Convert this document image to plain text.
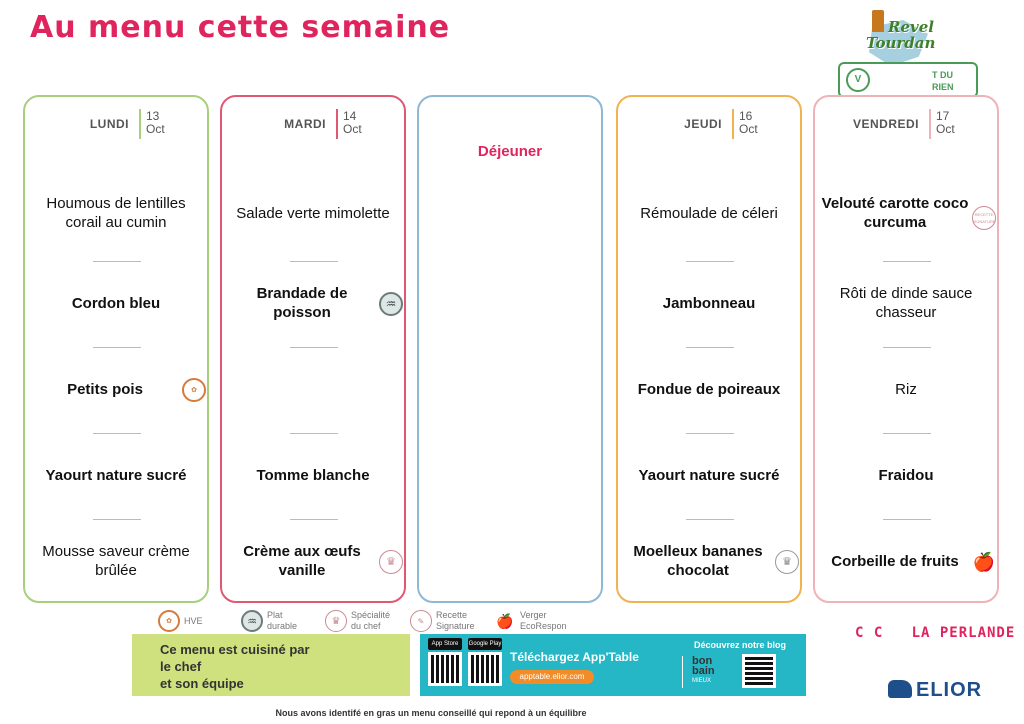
Au menu cette semaine	Revel
Tourdan
V	T DU
RIEN
LUNDI
13
Oct
Houmous de lentilles corail au cumin
Cordon bleu
Petits pois	✿
Yaourt nature sucré
Mousse saveur crème brûlée
MARDI
14
Oct
Salade verte mimolette
Brandade de poisson
♒
Tomme blanche
Crème aux œufs vanille
♛
Déjeuner
JEUDI
16
Oct
Rémoulade de céleri
Jambonneau
Fondue de poireaux
Yaourt nature sucré
Moelleux bananes chocolat
♛
VENDREDI
17
Oct
Velouté carotte coco curcuma	RECETTE SIGNATURE
Rôti de dinde sauce chasseur
Riz
Fraidou
Corbeille de fruits 🍎
✿	HVE	♒
Plat
durable	♛
Spécialité
du chef	✎
Recette
Signature 🍎 Verger
EcoRespon	C C   LA PERLANDE
Ce menu est cuisiné par
le chef
et son équipe
App Store	Google Play
Téléchargez App'Table
apptable.elior.com
Découvrez notre blog
bon
bain
MIEUX	ELIOR
Nous avons identifé en gras un menu conseillé qui repond à un équilibre
